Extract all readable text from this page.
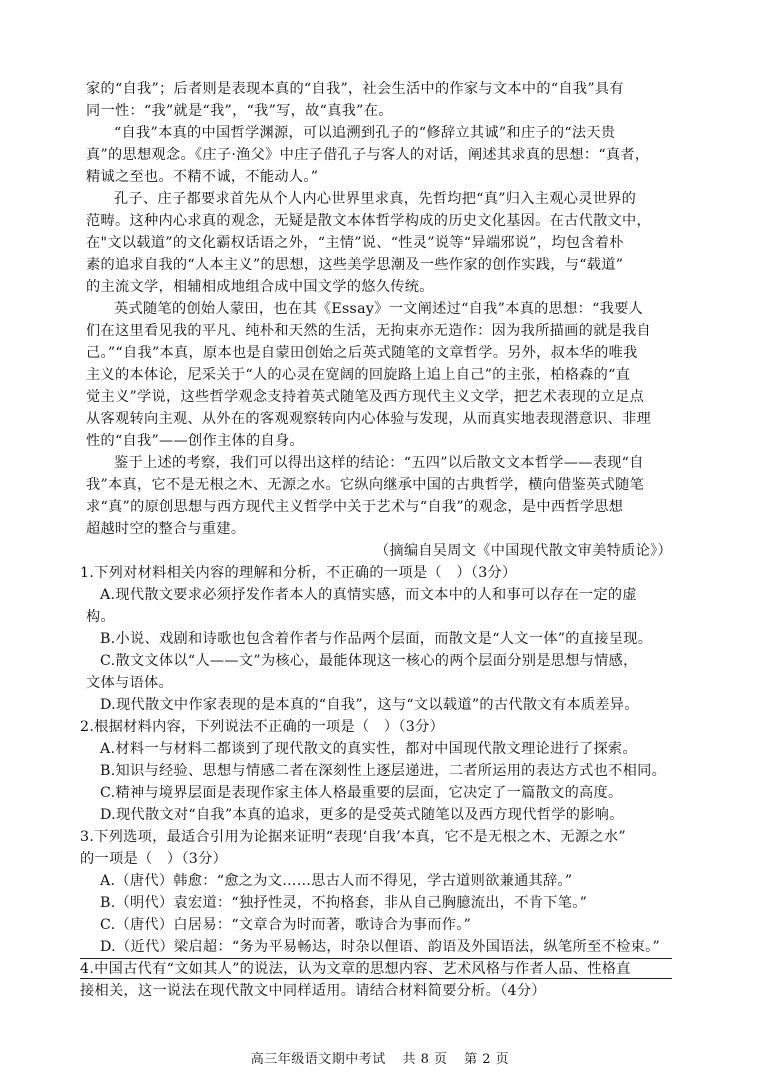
家的“自我”；后者则是表现本真的“自我”，社会生活中的作家与文本中的“自我”具有
同一性：“我”就是“我”，“我”写，故“真我”在。
“自我”本真的中国哲学渊源，可以追溯到孔子的“修辞立其诚”和庄子的“法天贵
真”的思想观念。《庄子·渔父》中庄子借孔子与客人的对话，阐述其求真的思想：“真者，
精诚之至也。不精不诚，不能动人。”
孔子、庄子都要求首先从个人内心世界里求真，先哲均把“真”归入主观心灵世界的
范畴。这种内心求真的观念，无疑是散文本体哲学构成的历史文化基因。在古代散文中，
在"文以载道”的文化霸权话语之外，“主情”说、“性灵”说等“异端邪说”，均包含着朴
素的追求自我的“人本主义”的思想，这些美学思潮及一些作家的创作实践，与“载道”
的主流文学，相辅相成地组合成中国文学的悠久传统。
英式随笔的创始人蒙田，也在其《Essay》一文阐述过“自我”本真的思想：“我要人
们在这里看见我的平凡、纯朴和天然的生活，无拘束亦无造作：因为我所描画的就是我自
己。”“自我”本真，原本也是自蒙田创始之后英式随笔的文章哲学。另外，叔本华的唯我
主义的本体论，尼采关于“人的心灵在宽阔的回旋路上追上自己”的主张，柏格森的“直
觉主义”学说，这些哲学观念支持着英式随笔及西方现代主义文学，把艺术表现的立足点
从客观转向主观、从外在的客观观察转向内心体验与发现，从而真实地表现潜意识、非理
性的“自我”——创作主体的自身。
鉴于上述的考察，我们可以得出这样的结论：“五四”以后散文文本哲学——表现“自
我”本真，它不是无根之木、无源之水。它纵向继承中国的古典哲学，横向借鉴英式随笔
求“真”的原创思想与西方现代主义哲学中关于艺术与“自我”的观念，是中西哲学思想
超越时空的整合与重建。
（摘编自吴周文《中国现代散文审美特质论》）
1.下列对材料相关内容的理解和分析，不正确的一项是（　）（3分）
A.现代散文要求必须抒发作者本人的真情实感，而文本中的人和事可以存在一定的虚
构。
B.小说、戏剧和诗歌也包含着作者与作品两个层面，而散文是“人文一体”的直接呈现。
C.散文文体以“人——文”为核心，最能体现这一核心的两个层面分别是思想与情感，
文体与语体。
D.现代散文中作家表现的是本真的“自我”，这与“文以载道”的古代散文有本质差异。
2.根据材料内容，下列说法不正确的一项是（　）（3分）
A.材料一与材料二都谈到了现代散文的真实性，都对中国现代散文理论进行了探索。
B.知识与经验、思想与情感二者在深刻性上逐层递进，二者所运用的表达方式也不相同。
C.精神与境界层面是表现作家主体人格最重要的层面，它决定了一篇散文的高度。
D.现代散文对“自我”本真的追求，更多的是受英式随笔以及西方现代哲学的影响。
3.下列选项，最适合引用为论据来证明“表现‘自我’本真，它不是无根之木、无源之水”
的一项是（　）（3分）
A.（唐代）韩愈：“愈之为文……思古人而不得见，学古道则欲兼通其辞。”
B.（明代）袁宏道：“独抒性灵，不拘格套，非从自己胸臆流出，不肯下笔。”
C.（唐代）白居易：“文章合为时而著，歌诗合为事而作。”
D.（近代）梁启超：“务为平易畅达，时杂以俚语、韵语及外国语法，纵笔所至不检束。”
4.中国古代有“文如其人”的说法，认为文章的思想内容、艺术风格与作者人品、性格直
接相关，这一说法在现代散文中同样适用。请结合材料简要分析。（4分）
高三年级语文期中考试 共 8 页 第 2 页
